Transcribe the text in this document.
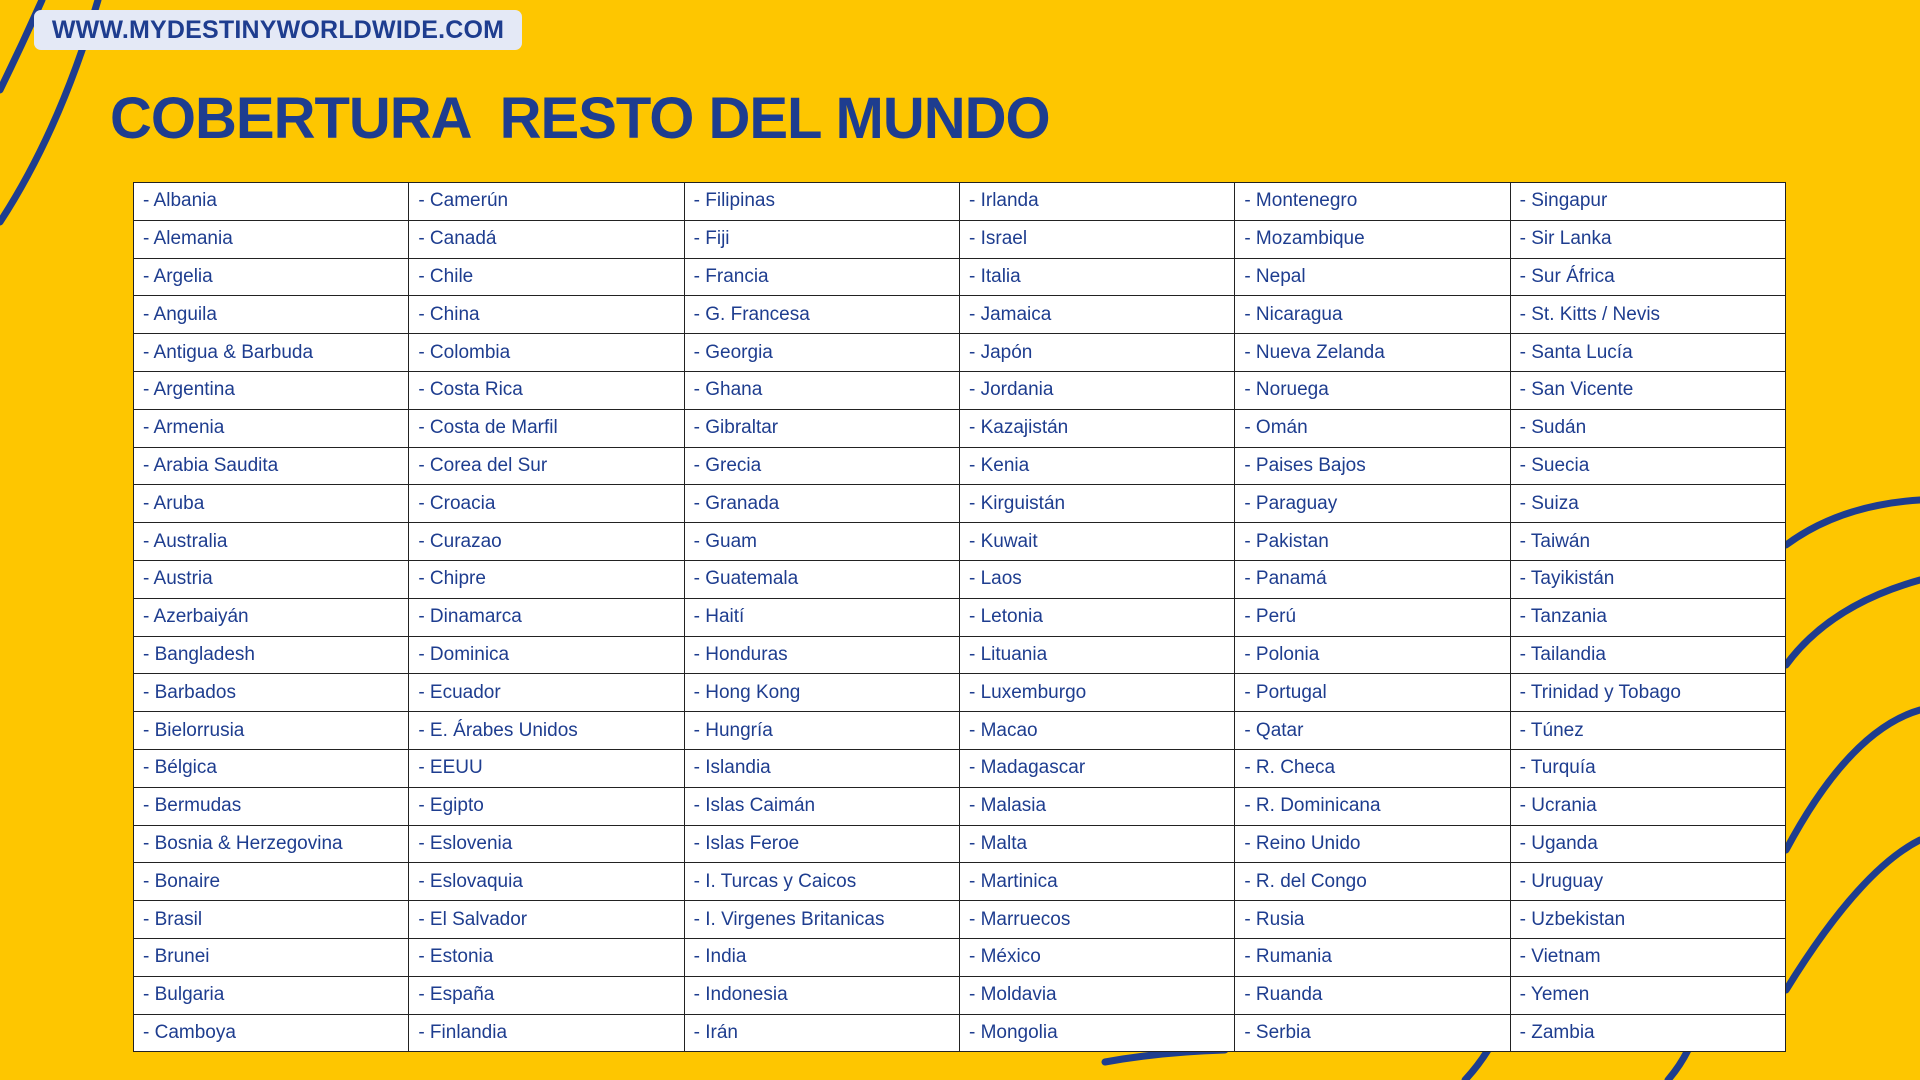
WWW.MYDESTINYWORLDWIDE.COM
COBERTURA  RESTO DEL MUNDO
- Albania	- Camerún	- Filipinas	- Irlanda	- Montenegro	- Singapur
- Alemania	- Canadá	- Fiji	- Israel	- Mozambique	- Sir Lanka
- Argelia	- Chile	- Francia	- Italia	- Nepal	- Sur África
- Anguila	- China	- G. Francesa	- Jamaica	- Nicaragua	- St. Kitts / Nevis
- Antigua & Barbuda	- Colombia	- Georgia	- Japón	- Nueva Zelanda	- Santa Lucía
- Argentina	- Costa Rica	- Ghana	- Jordania	- Noruega	- San Vicente
- Armenia	- Costa de Marfil	- Gibraltar	- Kazajistán	- Omán	- Sudán
- Arabia Saudita	- Corea del Sur	- Grecia	- Kenia	- Paises Bajos	- Suecia
- Aruba	- Croacia	- Granada	- Kirguistán	- Paraguay	- Suiza
- Australia	- Curazao	- Guam	- Kuwait	- Pakistan	- Taiwán
- Austria	- Chipre	- Guatemala	- Laos	- Panamá	- Tayikistán
- Azerbaiyán	- Dinamarca	- Haití	- Letonia	- Perú	- Tanzania
- Bangladesh	- Dominica	- Honduras	- Lituania	- Polonia	- Tailandia
- Barbados	- Ecuador	- Hong Kong	- Luxemburgo	- Portugal	- Trinidad y Tobago
- Bielorrusia	- E. Árabes Unidos	- Hungría	- Macao	- Qatar	- Túnez
- Bélgica	- EEUU	- Islandia	- Madagascar	- R. Checa	- Turquía
- Bermudas	- Egipto	- Islas Caimán	- Malasia	- R. Dominicana	- Ucrania
- Bosnia & Herzegovina	- Eslovenia	- Islas Feroe	- Malta	- Reino Unido	- Uganda
- Bonaire	- Eslovaquia	- I. Turcas y Caicos	- Martinica	- R. del Congo	- Uruguay
- Brasil	- El Salvador	- I. Virgenes Britanicas	- Marruecos	- Rusia	- Uzbekistan
- Brunei	- Estonia	- India	- México	- Rumania	- Vietnam
- Bulgaria	- España	- Indonesia	- Moldavia	- Ruanda	- Yemen
- Camboya	- Finlandia	- Irán	- Mongolia	- Serbia	- Zambia
